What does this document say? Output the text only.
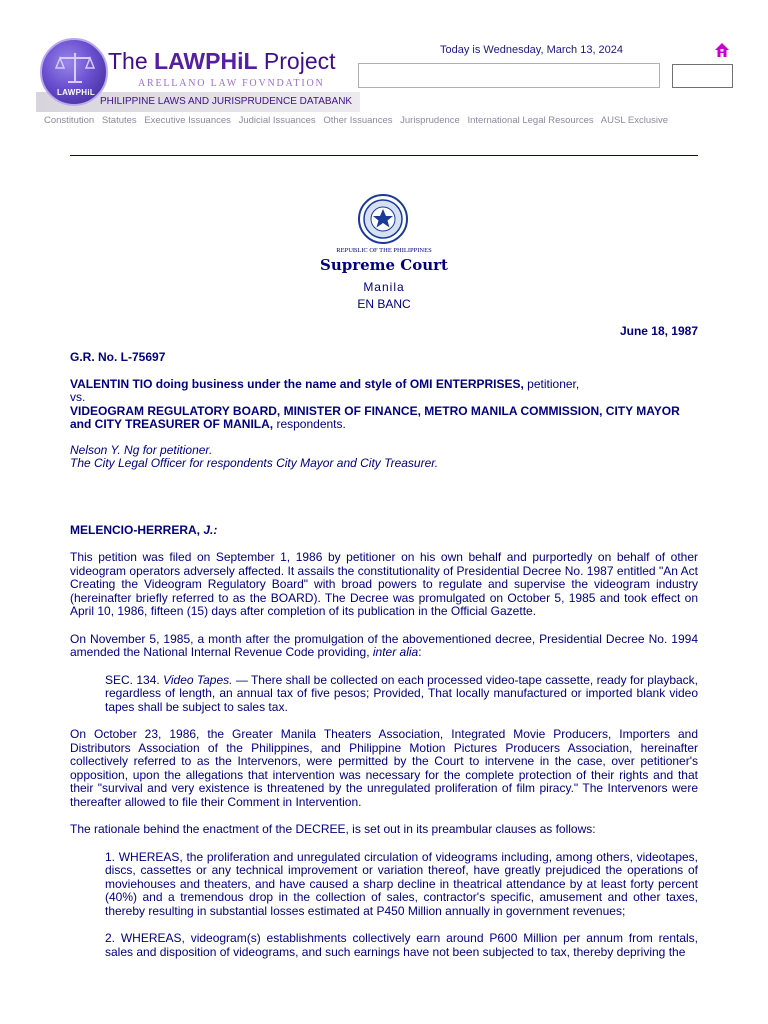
LAWPHiL
The LAWPHiL Project
ARELLANO LAW FOVNDATION
PHILIPPINE LAWS AND JURISPRUDENCE DATABANK
Today is Wednesday, March 13, 2024
Constitution Statutes Executive Issuances Judicial Issuances Other Issuances Jurisprudence International Legal Resources AUSL Exclusive
REPUBLIC OF THE PHILIPPINES
Supreme Court
Manila
EN BANC
June 18, 1987
G.R. No. L-75697
VALENTIN TIO doing business under the name and style of OMI ENTERPRISES, petitioner,
vs.
VIDEOGRAM REGULATORY BOARD, MINISTER OF FINANCE, METRO MANILA COMMISSION, CITY MAYOR and CITY TREASURER OF MANILA, respondents.
Nelson Y. Ng for petitioner.
The City Legal Officer for respondents City Mayor and City Treasurer.
MELENCIO-HERRERA, J.:

This petition was filed on September 1, 1986 by petitioner on his own behalf and purportedly on behalf of other videogram operators adversely affected. It assails the constitutionality of Presidential Decree No. 1987 entitled "An Act Creating the Videogram Regulatory Board" with broad powers to regulate and supervise the videogram industry (hereinafter briefly referred to as the BOARD). The Decree was promulgated on October 5, 1985 and took effect on April 10, 1986, fifteen (15) days after completion of its publication in the Official Gazette.

On November 5, 1985, a month after the promulgation of the abovementioned decree, Presidential Decree No. 1994 amended the National Internal Revenue Code providing, inter alia:

SEC. 134. Video Tapes. — There shall be collected on each processed video-tape cassette, ready for playback, regardless of length, an annual tax of five pesos; Provided, That locally manufactured or imported blank video tapes shall be subject to sales tax.

On October 23, 1986, the Greater Manila Theaters Association, Integrated Movie Producers, Importers and Distributors Association of the Philippines, and Philippine Motion Pictures Producers Association, hereinafter collectively referred to as the Intervenors, were permitted by the Court to intervene in the case, over petitioner's opposition, upon the allegations that intervention was necessary for the complete protection of their rights and that their "survival and very existence is threatened by the unregulated proliferation of film piracy." The Intervenors were thereafter allowed to file their Comment in Intervention.

The rationale behind the enactment of the DECREE, is set out in its preambular clauses as follows:

1. WHEREAS, the proliferation and unregulated circulation of videograms including, among others, videotapes, discs, cassettes or any technical improvement or variation thereof, have greatly prejudiced the operations of moviehouses and theaters, and have caused a sharp decline in theatrical attendance by at least forty percent (40%) and a tremendous drop in the collection of sales, contractor's specific, amusement and other taxes, thereby resulting in substantial losses estimated at P450 Million annually in government revenues;

2. WHEREAS, videogram(s) establishments collectively earn around P600 Million per annum from rentals, sales and disposition of videograms, and such earnings have not been subjected to tax, thereby depriving the
